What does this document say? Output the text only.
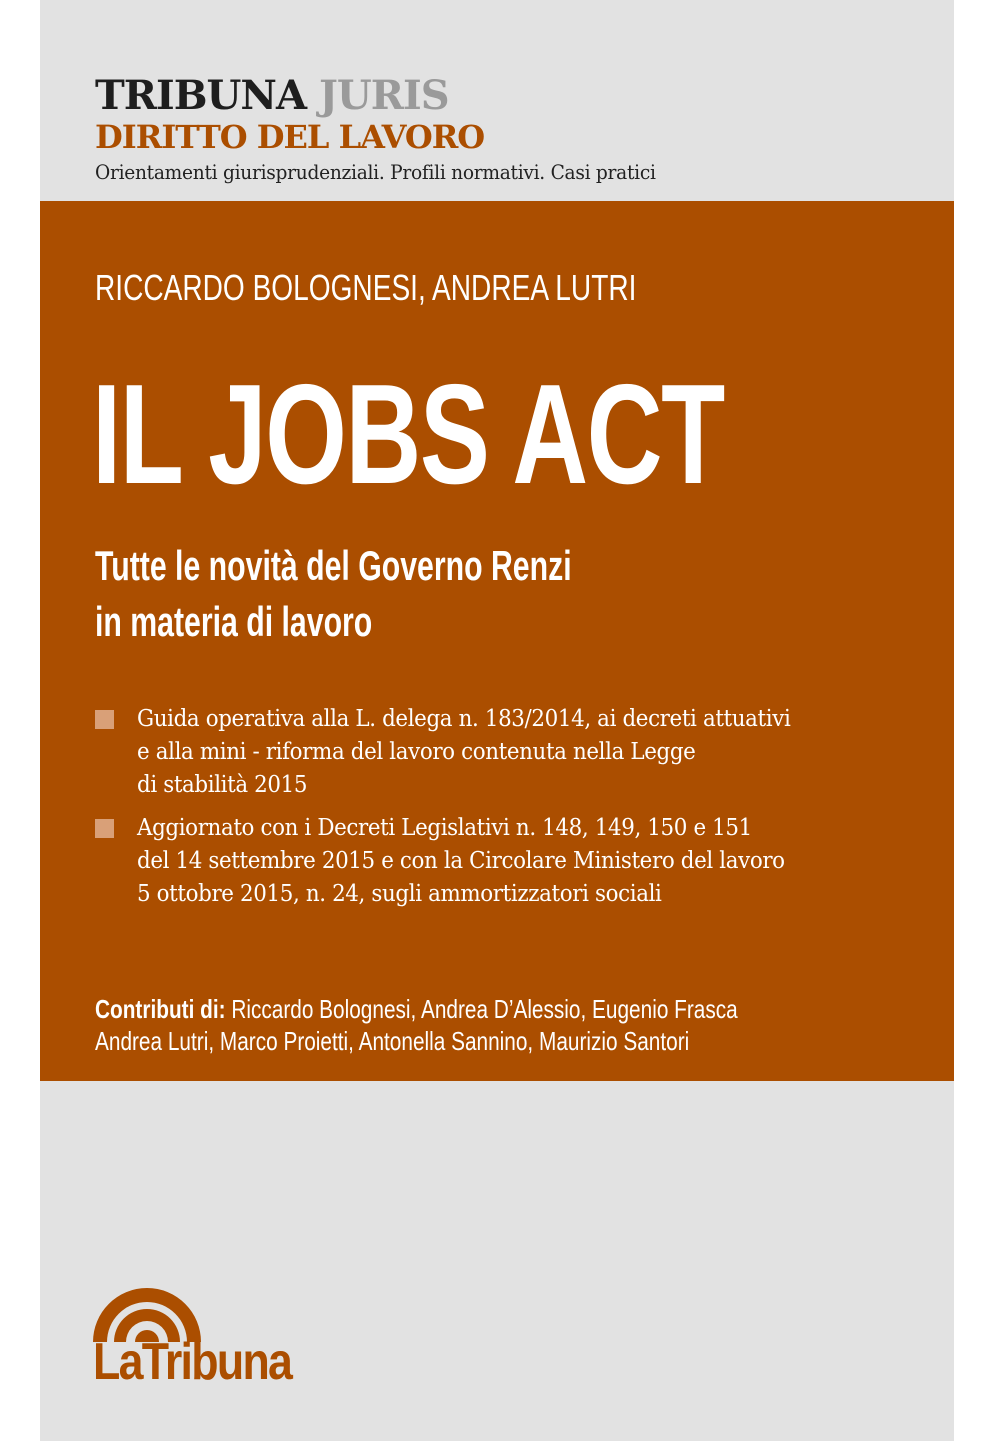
TRIBUNA JURIS
DIRITTO DEL LAVORO
Orientamenti giurisprudenziali. Profili normativi. Casi pratici
RICCARDO BOLOGNESI, ANDREA LUTRI
IL JOBS ACT
Tutte le novità del Governo Renzi
in materia di lavoro
Guida operativa alla L. delega n. 183/2014, ai decreti attuativi
e alla mini - riforma del lavoro contenuta nella Legge
di stabilità 2015
Aggiornato con i Decreti Legislativi n. 148, 149, 150 e 151
del 14 settembre 2015 e con la Circolare Ministero del lavoro
5 ottobre 2015, n. 24, sugli ammortizzatori sociali
Contributi di: Riccardo Bolognesi, Andrea D’Alessio, Eugenio Frasca
Andrea Lutri, Marco Proietti, Antonella Sannino, Maurizio Santori
LaTribuna
